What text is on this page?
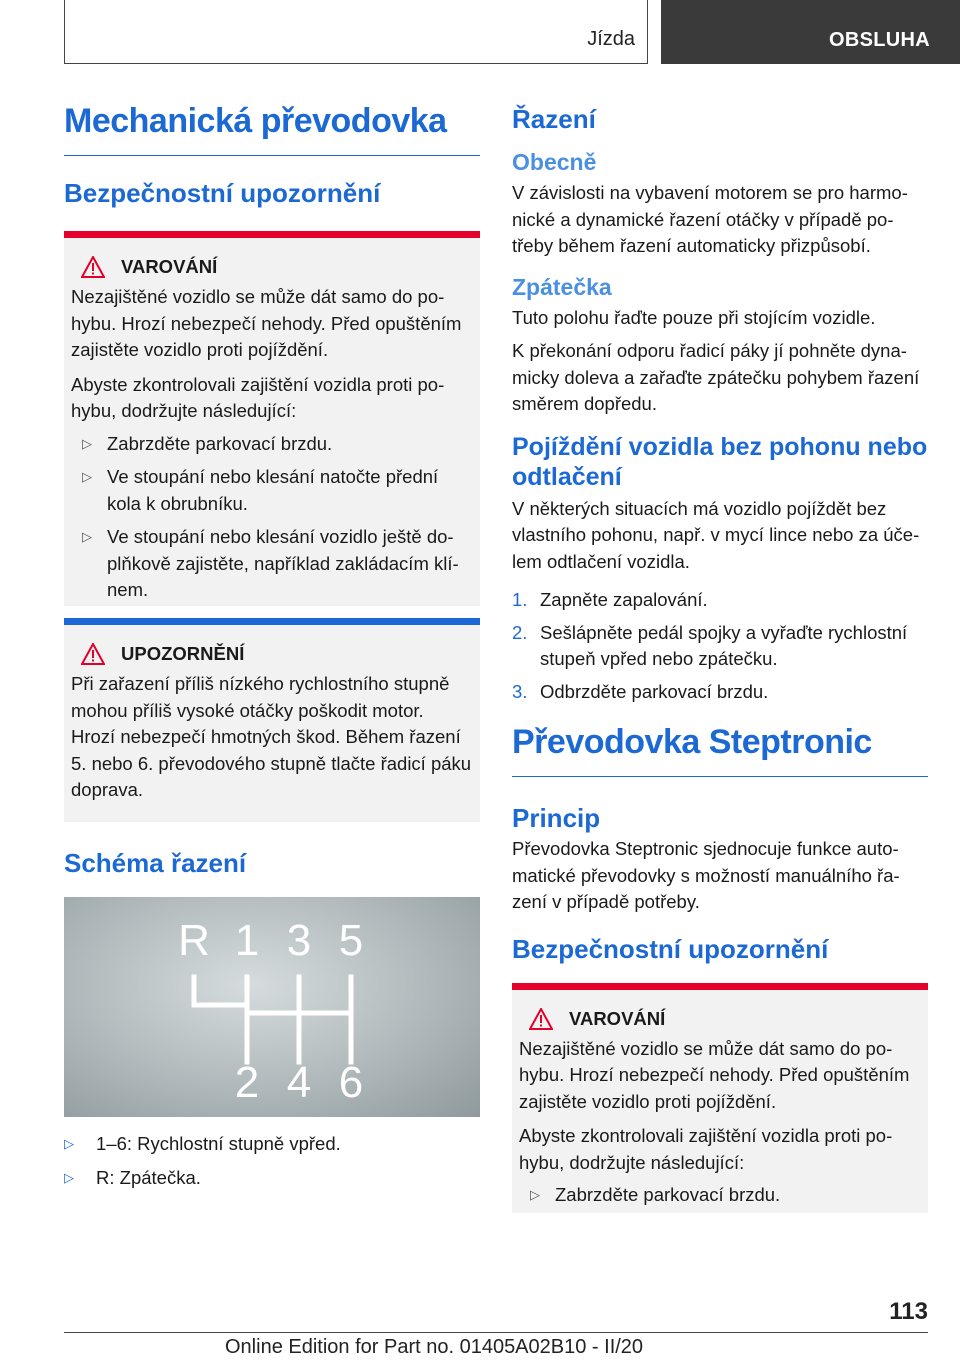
Jízda	OBSLUHA
Mechanická převodovka
Bezpečnostní upozornění
VAROVÁNÍ

Nezajištěné vozidlo se může dát samo do po-hybu. Hrozí nebezpečí nehody. Před opuštěním zajistěte vozidlo proti pojíždění.

Abyste zkontrolovali zajištění vozidla proti po-hybu, dodržujte následující:

▷ Zabrzděte parkovací brzdu.
▷ Ve stoupání nebo klesání natočte přední kola k obrubníku.
▷ Ve stoupání nebo klesání vozidlo ještě do-plňkově zajistěte, například zakládacím klí-nem.
UPOZORNĚNÍ

Při zařazení příliš nízkého rychlostního stupně mohou příliš vysoké otáčky poškodit motor. Hrozí nebezpečí hmotných škod. Během řazení 5. nebo 6. převodového stupně tlačte řadicí páku doprava.

Schéma řazení
R 1 3 5
2 4 6
▷ 1–6: Rychlostní stupně vpřed.
▷ R: Zpátečka.
Řazení
Obecně

V závislosti na vybavení motorem se pro harmo-nické a dynamické řazení otáčky v případě po-třeby během řazení automaticky přizpůsobí.

Zpátečka

Tuto polohu řaďte pouze při stojícím vozidle.

K překonání odporu řadicí páky jí pohněte dyna-micky doleva a zařaďte zpátečku pohybem řazení směrem dopředu.

Pojíždění vozidla bez pohonu nebo odtlačení

V některých situacích má vozidlo pojíždět bez vlastního pohonu, např. v mycí lince nebo za úče-lem odtlačení vozidla.

1. Zapněte zapalování.
2. Sešlápněte pedál spojky a vyřaďte rychlostní stupeň vpřed nebo zpátečku.
3. Odbrzděte parkovací brzdu.
Převodovka Steptronic
Princip

Převodovka Steptronic sjednocuje funkce auto-matické převodovky s možností manuálního řa-zení v případě potřeby.

Bezpečnostní upozornění
VAROVÁNÍ

Nezajištěné vozidlo se může dát samo do po-hybu. Hrozí nebezpečí nehody. Před opuštěním zajistěte vozidlo proti pojíždění.

Abyste zkontrolovali zajištění vozidla proti po-hybu, dodržujte následující:

▷ Zabrzděte parkovací brzdu.
113
Online Edition for Part no. 01405A02B10 - II/20
